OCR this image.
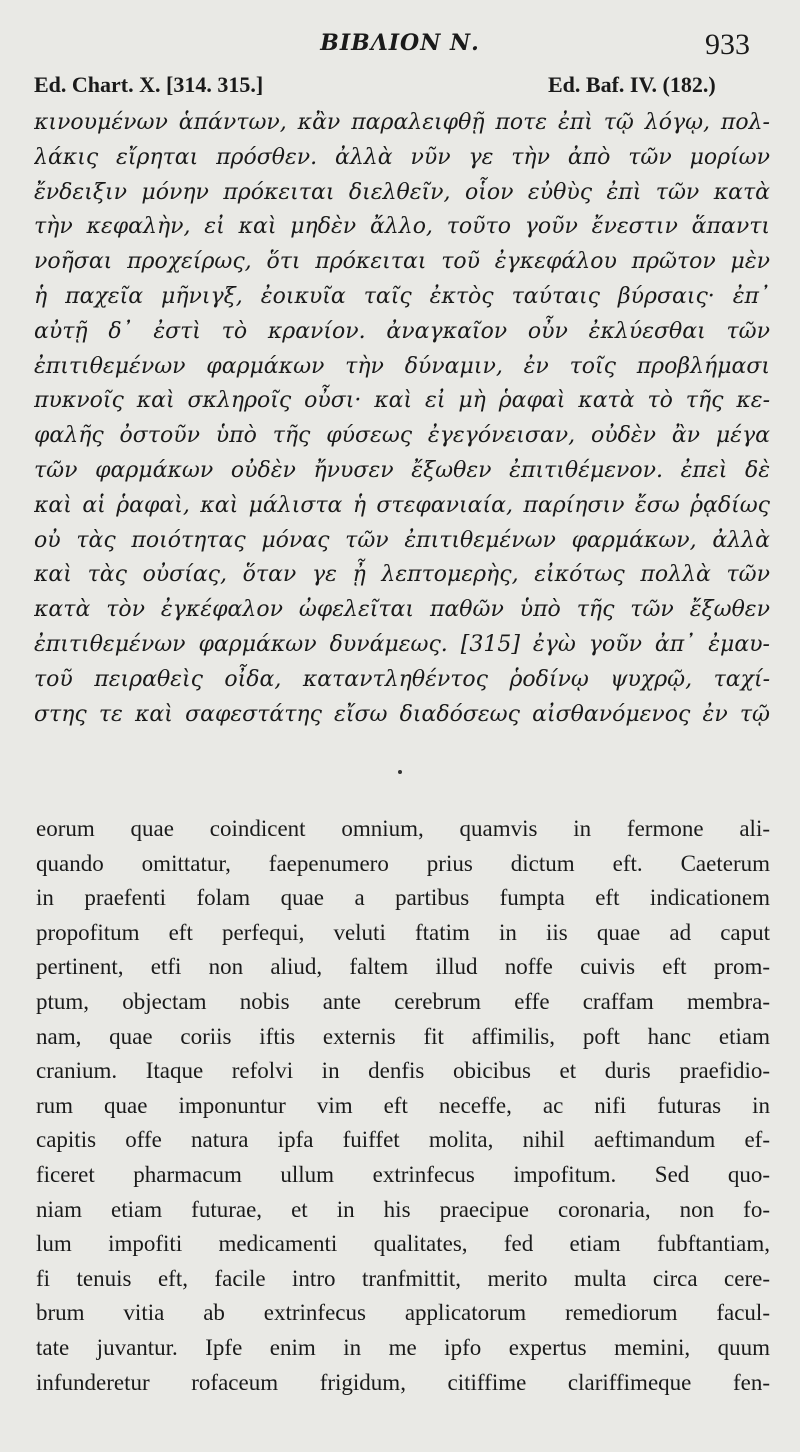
BIBΛΙΟΝ Ν.	933
Ed. Chart. X. [314. 315.]	Ed. Baf. IV. (182.)
κινουμένων ἁπάντων, κἂν παραλειφθῇ ποτε ἐπὶ τῷ λόγῳ, πολ-
λάκις εἴρηται πρόσθεν. ἀλλὰ νῦν γε τὴν ἀπὸ τῶν μορίων
ἔνδειξιν μόνην πρόκειται διελθεῖν, οἷον εὐθὺς ἐπὶ τῶν κατὰ
τὴν κεφαλὴν, εἰ καὶ μηδὲν ἄλλο, τοῦτο γοῦν ἔνεστιν ἅπαντι
νοῆσαι προχείρως, ὅτι πρόκειται τοῦ ἐγκεφάλου πρῶτον μὲν
ἡ παχεῖα μῆνιγξ, ἐοικυῖα ταῖς ἐκτὸς ταύταις βύρσαις· ἐπ᾽
αὐτῇ δ᾽ ἐστὶ τὸ κρανίον. ἀναγκαῖον οὖν ἐκλύεσθαι τῶν
ἐπιτιθεμένων φαρμάκων τὴν δύναμιν, ἐν τοῖς προβλήμασι
πυκνοῖς καὶ σκληροῖς οὖσι· καὶ εἰ μὴ ῥαφαὶ κατὰ τὸ τῆς κε-
φαλῆς ὀστοῦν ὑπὸ τῆς φύσεως ἐγεγόνεισαν, οὐδὲν ἂν μέγα
τῶν φαρμάκων οὐδὲν ἤνυσεν ἔξωθεν ἐπιτιθέμενον. ἐπεὶ δὲ
καὶ αἱ ῥαφαὶ, καὶ μάλιστα ἡ στεφανιαία, παρίησιν ἔσω ῥᾳδίως
οὐ τὰς ποιότητας μόνας τῶν ἐπιτιθεμένων φαρμάκων, ἀλλὰ
καὶ τὰς οὐσίας, ὅταν γε ᾖ λεπτομερὴς, εἰκότως πολλὰ τῶν
κατὰ τὸν ἐγκέφαλον ὠφελεῖται παθῶν ὑπὸ τῆς τῶν ἔξωθεν
ἐπιτιθεμένων φαρμάκων δυνάμεως. [315] ἐγὼ γοῦν ἀπ᾽ ἐμαυ-
τοῦ πειραθεὶς οἶδα, καταντληθέντος ῥοδίνῳ ψυχρῷ, ταχί-
στης τε καὶ σαφεστάτης εἴσω διαδόσεως αἰσθανόμενος ἐν τῷ
eorum quae coindicent omnium, quamvis in fermone ali-
quando omittatur, faepenumero prius dictum eft. Caeterum
in praefenti folam quae a partibus fumpta eft indicationem
propofitum eft perfequi, veluti ftatim in iis quae ad caput
pertinent, etfi non aliud, faltem illud noffe cuivis eft prom-
ptum, objectam nobis ante cerebrum effe craffam membra-
nam, quae coriis iftis externis fit affimilis, poft hanc etiam
cranium. Itaque refolvi in denfis obicibus et duris praefidio-
rum quae imponuntur vim eft neceffe, ac nifi futuras in
capitis offe natura ipfa fuiffet molita, nihil aeftimandum ef-
ficeret pharmacum ullum extrinfecus impofitum. Sed quo-
niam etiam futurae, et in his praecipue coronaria, non fo-
lum impofiti medicamenti qualitates, fed etiam fubftantiam,
fi tenuis eft, facile intro tranfmittit, merito multa circa cere-
brum vitia ab extrinfecus applicatorum remediorum facul-
tate juvantur. Ipfe enim in me ipfo expertus memini, quum
infunderetur rofaceum frigidum, citiffime clariffimeque fen-
